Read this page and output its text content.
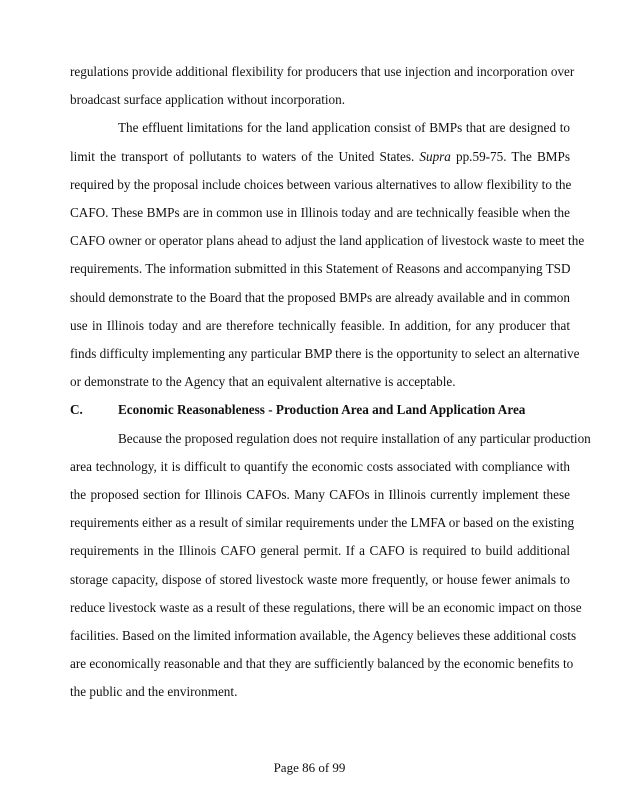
regulations provide additional flexibility for producers that use injection and incorporation over
broadcast surface application without incorporation.
The effluent limitations for the land application consist of BMPs that are designed to
limit the transport of pollutants to waters of the United States. Supra pp.59-75. The BMPs
required by the proposal include choices between various alternatives to allow flexibility to the
CAFO. These BMPs are in common use in Illinois today and are technically feasible when the
CAFO owner or operator plans ahead to adjust the land application of livestock waste to meet the
requirements. The information submitted in this Statement of Reasons and accompanying TSD
should demonstrate to the Board that the proposed BMPs are already available and in common
use in Illinois today and are therefore technically feasible. In addition, for any producer that
finds difficulty implementing any particular BMP there is the opportunity to select an alternative
or demonstrate to the Agency that an equivalent alternative is acceptable.
C.	Economic Reasonableness - Production Area and Land Application Area
Because the proposed regulation does not require installation of any particular production
area technology, it is difficult to quantify the economic costs associated with compliance with
the proposed section for Illinois CAFOs. Many CAFOs in Illinois currently implement these
requirements either as a result of similar requirements under the LMFA or based on the existing
requirements in the Illinois CAFO general permit. If a CAFO is required to build additional
storage capacity, dispose of stored livestock waste more frequently, or house fewer animals to
reduce livestock waste as a result of these regulations, there will be an economic impact on those
facilities. Based on the limited information available, the Agency believes these additional costs
are economically reasonable and that they are sufficiently balanced by the economic benefits to
the public and the environment.
Page 86 of 99
